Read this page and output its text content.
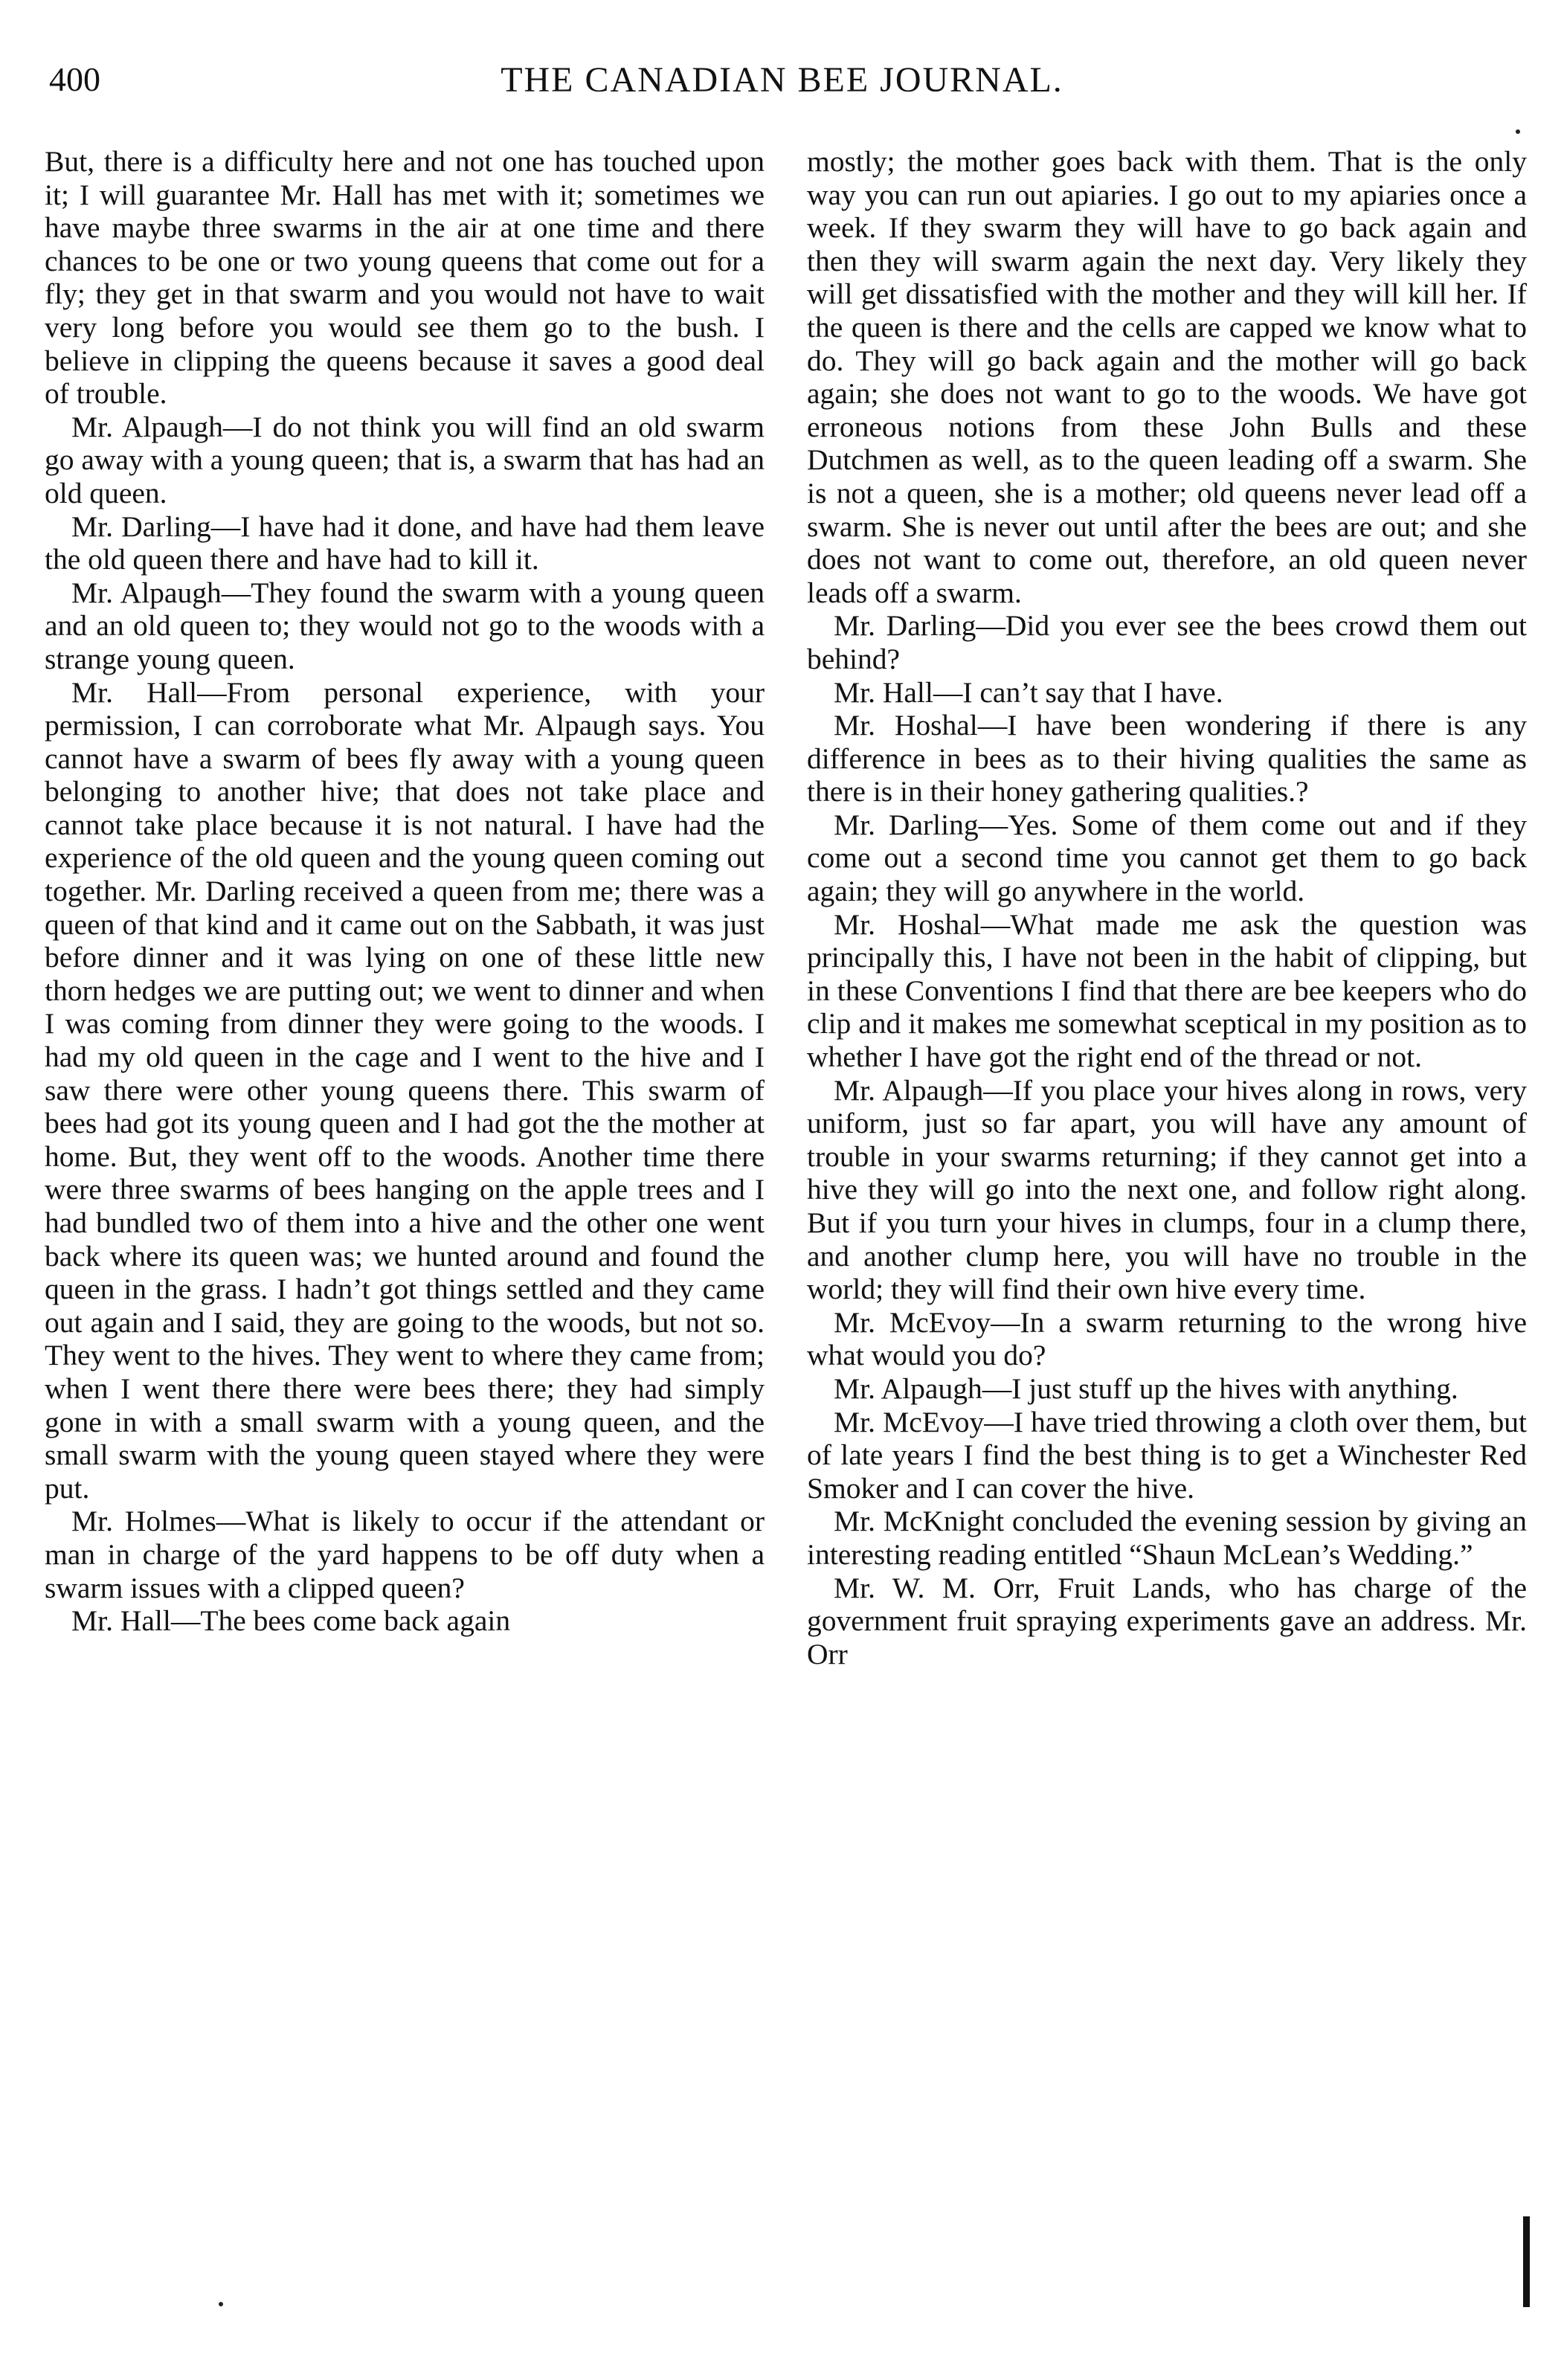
400	THE CANADIAN BEE JOURNAL.

But, there is a difficulty here and not one has touched upon it; I will guarantee Mr. Hall has met with it; sometimes we have maybe three swarms in the air at one time and there chances to be one or two young queens that come out for a fly; they get in that swarm and you would not have to wait very long before you would see them go to the bush. I believe in clipping the queens because it saves a good deal of trouble.

Mr. Alpaugh—I do not think you will find an old swarm go away with a young queen; that is, a swarm that has had an old queen.

Mr. Darling—I have had it done, and have had them leave the old queen there and have had to kill it.

Mr. Alpaugh—They found the swarm with a young queen and an old queen to; they would not go to the woods with a strange young queen.

Mr. Hall—From personal experience, with your permission, I can corroborate what Mr. Alpaugh says. You cannot have a swarm of bees fly away with a young queen belonging to another hive; that does not take place and cannot take place because it is not natural. I have had the experience of the old queen and the young queen coming out together. Mr. Darling received a queen from me; there was a queen of that kind and it came out on the Sabbath, it was just before dinner and it was lying on one of these little new thorn hedges we are putting out; we went to dinner and when I was coming from dinner they were going to the woods. I had my old queen in the cage and I went to the hive and I saw there were other young queens there. This swarm of bees had got its young queen and I had got the the mother at home. But, they went off to the woods. Another time there were three swarms of bees hanging on the apple trees and I had bundled two of them into a hive and the other one went back where its queen was; we hunted around and found the queen in the grass. I hadn’t got things settled and they came out again and I said, they are going to the woods, but not so. They went to the hives. They went to where they came from; when I went there there were bees there; they had simply gone in with a small swarm with a young queen, and the small swarm with the young queen stayed where they were put.

Mr. Holmes—What is likely to occur if the attendant or man in charge of the yard happens to be off duty when a swarm issues with a clipped queen?

Mr. Hall—The bees come back again

mostly; the mother goes back with them. That is the only way you can run out apiaries. I go out to my apiaries once a week. If they swarm they will have to go back again and then they will swarm again the next day. Very likely they will get dissatisfied with the mother and they will kill her. If the queen is there and the cells are capped we know what to do. They will go back again and the mother will go back again; she does not want to go to the woods. We have got erroneous notions from these John Bulls and these Dutchmen as well, as to the queen leading off a swarm. She is not a queen, she is a mother; old queens never lead off a swarm. She is never out until after the bees are out; and she does not want to come out, therefore, an old queen never leads off a swarm.

Mr. Darling—Did you ever see the bees crowd them out behind?

Mr. Hall—I can’t say that I have.

Mr. Hoshal—I have been wondering if there is any difference in bees as to their hiving qualities the same as there is in their honey gathering qualities.?

Mr. Darling—Yes. Some of them come out and if they come out a second time you cannot get them to go back again; they will go anywhere in the world.

Mr. Hoshal—What made me ask the question was principally this, I have not been in the habit of clipping, but in these Conventions I find that there are bee keepers who do clip and it makes me somewhat sceptical in my position as to whether I have got the right end of the thread or not.

Mr. Alpaugh—If you place your hives along in rows, very uniform, just so far apart, you will have any amount of trouble in your swarms returning; if they cannot get into a hive they will go into the next one, and follow right along. But if you turn your hives in clumps, four in a clump there, and another clump here, you will have no trouble in the world; they will find their own hive every time.

Mr. McEvoy—In a swarm returning to the wrong hive what would you do?

Mr. Alpaugh—I just stuff up the hives with anything.

Mr. McEvoy—I have tried throwing a cloth over them, but of late years I find the best thing is to get a Winchester Red Smoker and I can cover the hive.

Mr. McKnight concluded the evening session by giving an interesting reading entitled “Shaun McLean’s Wedding.”

Mr. W. M. Orr, Fruit Lands, who has charge of the government fruit spraying experiments gave an address. Mr. Orr
